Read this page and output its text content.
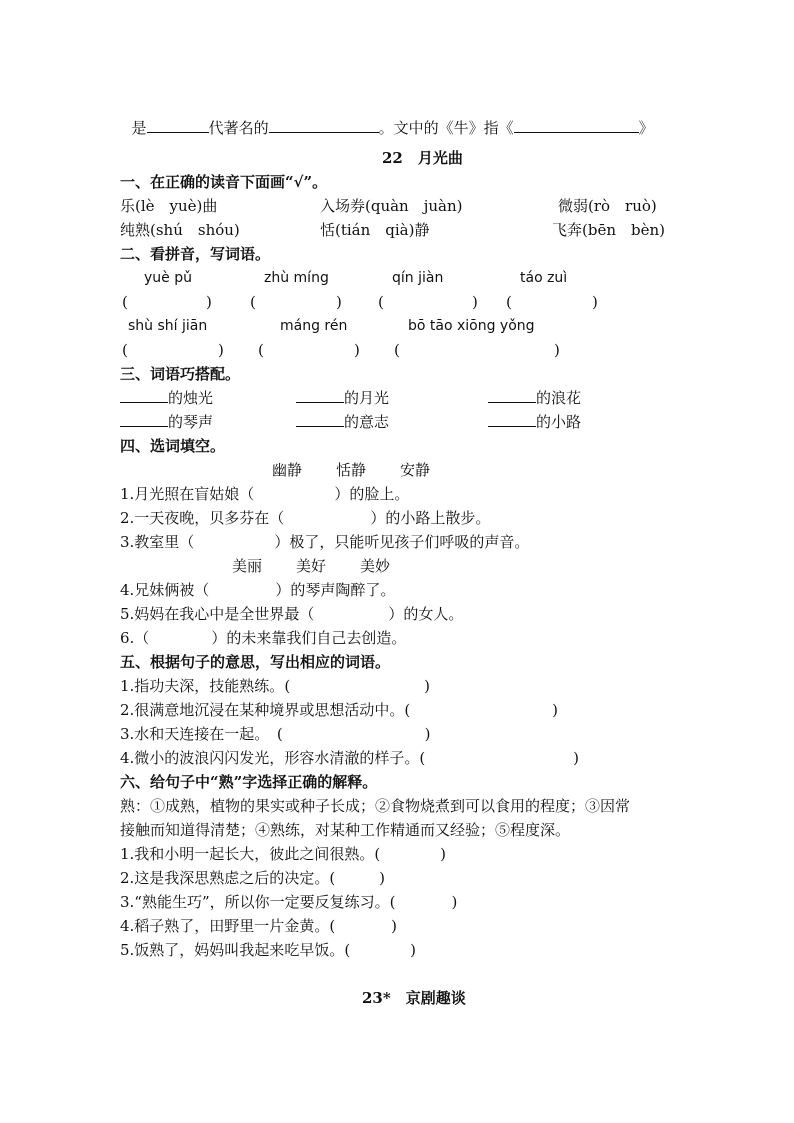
是	代著名的	。文中的《牛》指《	》

22　月光曲
一、在正确的读音下面画“√”。
乐(lè　yuè)曲	入场券(quàn　juàn)	微弱(rò　ruò)
纯熟(shú　shóu)	恬(tián　qià)静	飞奔(bēn　bèn)
二、看拼音，写词语。
yuè pǔ	zhù míng	qín jiàn	táo zuì
(	)	(	) (	) (	)
shù shí jiān	máng rén	bō tāo xiōng yǒng
(	) (	) (	)
三、词语巧搭配。
的烛光	的月光	的浪花
的琴声	的意志	的小路
四、选词填空。
幽静 恬静 安静
1.月光照在盲姑娘（	）的脸上。
2.一天夜晚，贝多芬在（	）的小路上散步。
3.教室里（	）极了，只能听见孩子们呼吸的声音。
美丽 美好 美妙
4.兄妹俩被（	）的琴声陶醉了。
5.妈妈在我心中是全世界最（	）的女人。
6.（	）的未来靠我们自己去创造。
五、根据句子的意思，写出相应的词语。
1.指功夫深，技能熟练。(	)
2.很满意地沉浸在某种境界或思想活动中。(	)
3.水和天连接在一起。　(	)
4.微小的波浪闪闪发光，形容水清澈的样子。(	)
六、给句子中“熟”字选择正确的解释。
熟：①成熟，植物的果实或种子长成；②食物烧煮到可以食用的程度；③因常
接触而知道得清楚；④熟练，对某种工作精通而又经验；⑤程度深。
1.我和小明一起长大，彼此之间很熟。(	)
2.这是我深思熟虑之后的决定。(	)
3.“熟能生巧”，所以你一定要反复练习。(	)
4.稻子熟了，田野里一片金黄。(	)
5.饭熟了，妈妈叫我起来吃早饭。(	)
23*　京剧趣谈
